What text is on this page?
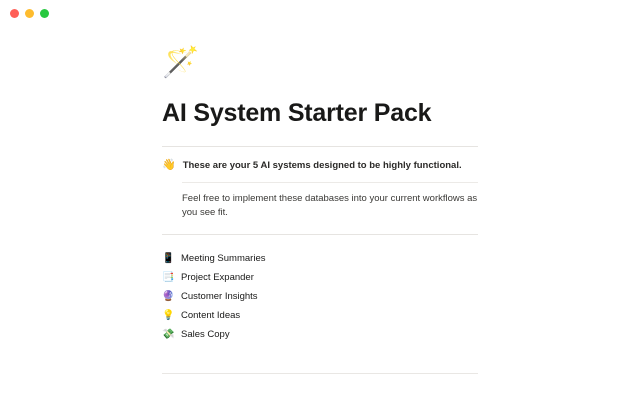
🪄
AI System Starter Pack
👋 These are your 5 AI systems designed to be highly functional.
Feel free to implement these databases into your current workflows as you see fit.
📱 Meeting Summaries
📑 Project Expander
🔮 Customer Insights
💡 Content Ideas
💸 Sales Copy
